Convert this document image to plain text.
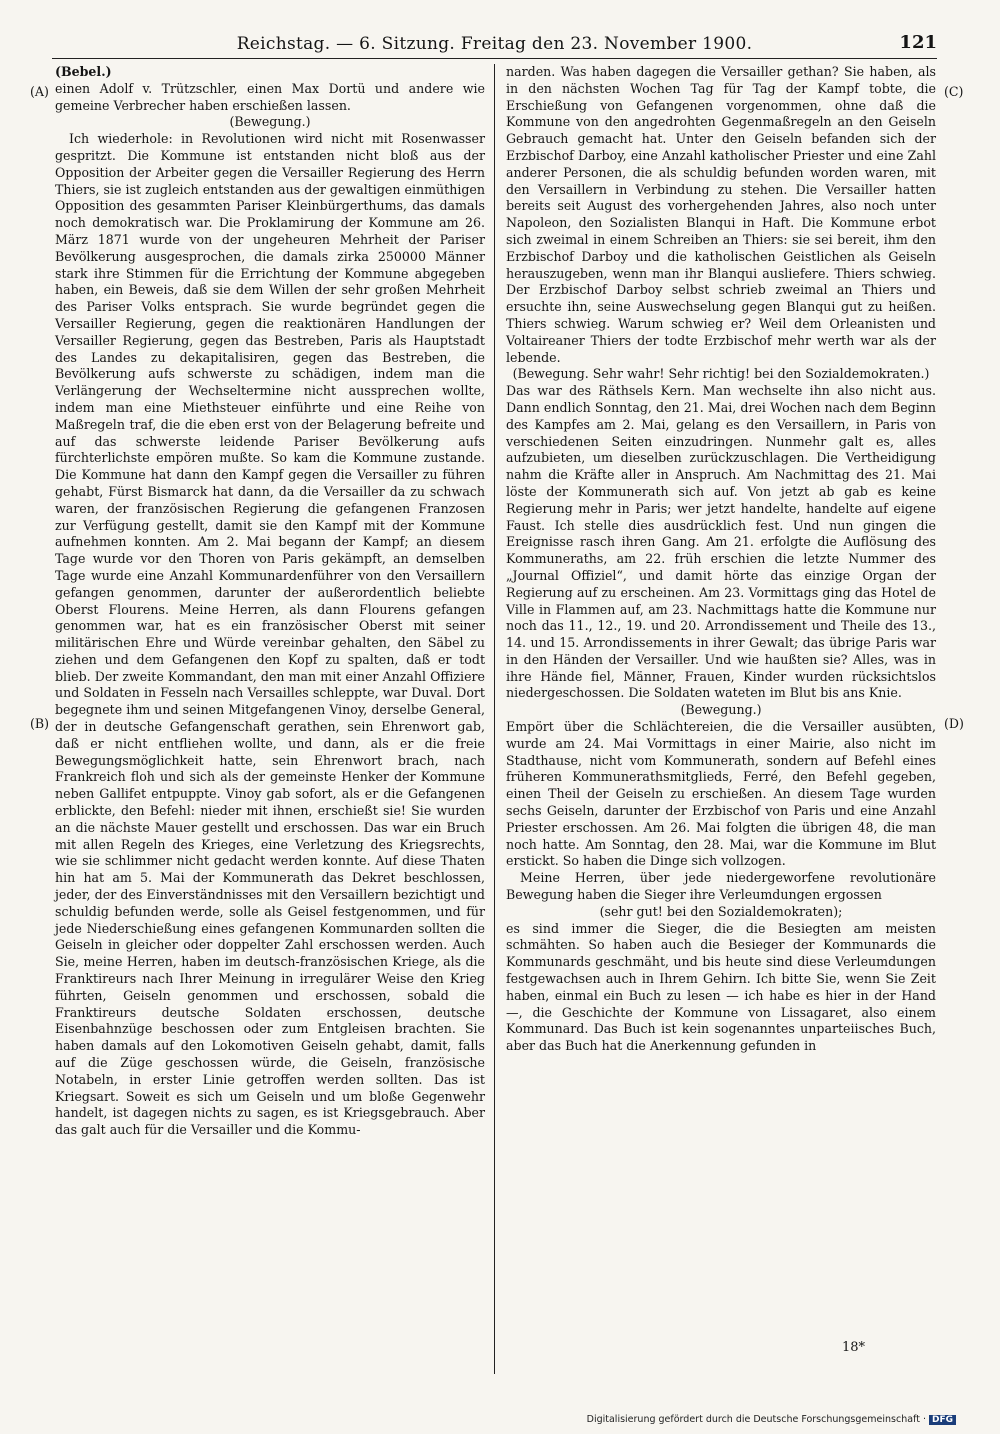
Reichstag. — 6. Sitzung. Freitag den 23. November 1900.	121
(A)
(B)
(C)
(D)

(Bebel.)

einen Adolf v. Trützschler, einen Max Dortü und andere wie gemeine Verbrecher haben erschießen lassen.

(Bewegung.)

Ich wiederhole: in Revolutionen wird nicht mit Rosenwasser gespritzt. Die Kommune ist entstanden nicht bloß aus der Opposition der Arbeiter gegen die Versailler Regierung des Herrn Thiers, sie ist zugleich entstanden aus der gewaltigen einmüthigen Opposition des gesammten Pariser Kleinbürgerthums, das damals noch demokratisch war. Die Proklamirung der Kommune am 26. März 1871 wurde von der ungeheuren Mehrheit der Pariser Bevölkerung ausgesprochen, die damals zirka 250000 Männer stark ihre Stimmen für die Errichtung der Kommune abgegeben haben, ein Beweis, daß sie dem Willen der sehr großen Mehrheit des Pariser Volks entsprach. Sie wurde begründet gegen die Versailler Regierung, gegen die reaktionären Handlungen der Versailler Regierung, gegen das Bestreben, Paris als Hauptstadt des Landes zu dekapitalisiren, gegen das Bestreben, die Bevölkerung aufs schwerste zu schädigen, indem man die Verlängerung der Wechseltermine nicht aussprechen wollte, indem man eine Miethsteuer einführte und eine Reihe von Maßregeln traf, die die eben erst von der Belagerung befreite und auf das schwerste leidende Pariser Bevölkerung aufs fürchterlichste empören mußte. So kam die Kommune zustande. Die Kommune hat dann den Kampf gegen die Versailler zu führen gehabt, Fürst Bismarck hat dann, da die Versailler da zu schwach waren, der französischen Regierung die gefangenen Franzosen zur Verfügung gestellt, damit sie den Kampf mit der Kommune aufnehmen konnten. Am 2. Mai begann der Kampf; an diesem Tage wurde vor den Thoren von Paris gekämpft, an demselben Tage wurde eine Anzahl Kommunardenführer von den Versaillern gefangen genommen, darunter der außerordentlich beliebte Oberst Flourens. Meine Herren, als dann Flourens gefangen genommen war, hat es ein französischer Oberst mit seiner militärischen Ehre und Würde vereinbar gehalten, den Säbel zu ziehen und dem Gefangenen den Kopf zu spalten, daß er todt blieb. Der zweite Kommandant, den man mit einer Anzahl Offiziere und Soldaten in Fesseln nach Versailles schleppte, war Duval. Dort begegnete ihm und seinen Mitgefangenen Vinoy, derselbe General, der in deutsche Gefangenschaft gerathen, sein Ehrenwort gab, daß er nicht entfliehen wollte, und dann, als er die freie Bewegungsmöglichkeit hatte, sein Ehrenwort brach, nach Frankreich floh und sich als der gemeinste Henker der Kommune neben Gallifet entpuppte. Vinoy gab sofort, als er die Gefangenen erblickte, den Befehl: nieder mit ihnen, erschießt sie! Sie wurden an die nächste Mauer gestellt und erschossen. Das war ein Bruch mit allen Regeln des Krieges, eine Verletzung des Kriegsrechts, wie sie schlimmer nicht gedacht werden konnte. Auf diese Thaten hin hat am 5. Mai der Kommunerath das Dekret beschlossen, jeder, der des Einverständnisses mit den Versaillern bezichtigt und schuldig befunden werde, solle als Geisel festgenommen, und für jede Niederschießung eines gefangenen Kommunarden sollten die Geiseln in gleicher oder doppelter Zahl erschossen werden. Auch Sie, meine Herren, haben im deutsch-französischen Kriege, als die Franktireurs nach Ihrer Meinung in irregulärer Weise den Krieg führten, Geiseln genommen und erschossen, sobald die Franktireurs deutsche Soldaten erschossen, deutsche Eisenbahnzüge beschossen oder zum Entgleisen brachten. Sie haben damals auf den Lokomotiven Geiseln gehabt, damit, falls auf die Züge geschossen würde, die Geiseln, französische Notabeln, in erster Linie getroffen werden sollten. Das ist Kriegsart. Soweit es sich um Geiseln und um bloße Gegenwehr handelt, ist dagegen nichts zu sagen, es ist Kriegsgebrauch. Aber das galt auch für die Versailler und die Kommu-

narden. Was haben dagegen die Versailler gethan? Sie haben, als in den nächsten Wochen Tag für Tag der Kampf tobte, die Erschießung von Gefangenen vorgenommen, ohne daß die Kommune von den angedrohten Gegenmaßregeln an den Geiseln Gebrauch gemacht hat. Unter den Geiseln befanden sich der Erzbischof Darboy, eine Anzahl katholischer Priester und eine Zahl anderer Personen, die als schuldig befunden worden waren, mit den Versaillern in Verbindung zu stehen. Die Versailler hatten bereits seit August des vorhergehenden Jahres, also noch unter Napoleon, den Sozialisten Blanqui in Haft. Die Kommune erbot sich zweimal in einem Schreiben an Thiers: sie sei bereit, ihm den Erzbischof Darboy und die katholischen Geistlichen als Geiseln herauszugeben, wenn man ihr Blanqui ausliefere. Thiers schwieg. Der Erzbischof Darboy selbst schrieb zweimal an Thiers und ersuchte ihn, seine Auswechselung gegen Blanqui gut zu heißen. Thiers schwieg. Warum schwieg er? Weil dem Orleanisten und Voltaireaner Thiers der todte Erzbischof mehr werth war als der lebende.

(Bewegung. Sehr wahr! Sehr richtig! bei den Sozialdemokraten.)

Das war des Räthsels Kern. Man wechselte ihn also nicht aus. Dann endlich Sonntag, den 21. Mai, drei Wochen nach dem Beginn des Kampfes am 2. Mai, gelang es den Versaillern, in Paris von verschiedenen Seiten einzudringen. Nunmehr galt es, alles aufzubieten, um dieselben zurückzuschlagen. Die Vertheidigung nahm die Kräfte aller in Anspruch. Am Nachmittag des 21. Mai löste der Kommunerath sich auf. Von jetzt ab gab es keine Regierung mehr in Paris; wer jetzt handelte, handelte auf eigene Faust. Ich stelle dies ausdrücklich fest. Und nun gingen die Ereignisse rasch ihren Gang. Am 21. erfolgte die Auflösung des Kommuneraths, am 22. früh erschien die letzte Nummer des „Journal Offiziel“, und damit hörte das einzige Organ der Regierung auf zu erscheinen. Am 23. Vormittags ging das Hotel de Ville in Flammen auf, am 23. Nachmittags hatte die Kommune nur noch das 11., 12., 19. und 20. Arrondissement und Theile des 13., 14. und 15. Arrondissements in ihrer Gewalt; das übrige Paris war in den Händen der Versailler. Und wie haußten sie? Alles, was in ihre Hände fiel, Männer, Frauen, Kinder wurden rücksichtslos niedergeschossen. Die Soldaten wateten im Blut bis ans Knie.

(Bewegung.)

Empört über die Schlächtereien, die die Versailler ausübten, wurde am 24. Mai Vormittags in einer Mairie, also nicht im Stadthause, nicht vom Kommunerath, sondern auf Befehl eines früheren Kommunerathsmitglieds, Ferré, den Befehl gegeben, einen Theil der Geiseln zu erschießen. An diesem Tage wurden sechs Geiseln, darunter der Erzbischof von Paris und eine Anzahl Priester erschossen. Am 26. Mai folgten die übrigen 48, die man noch hatte. Am Sonntag, den 28. Mai, war die Kommune im Blut erstickt. So haben die Dinge sich vollzogen.

Meine Herren, über jede niedergeworfene revolutionäre Bewegung haben die Sieger ihre Verleumdungen ergossen

(sehr gut! bei den Sozialdemokraten);

es sind immer die Sieger, die die Besiegten am meisten schmähten. So haben auch die Besieger der Kommunards die Kommunards geschmäht, und bis heute sind diese Verleumdungen festgewachsen auch in Ihrem Gehirn. Ich bitte Sie, wenn Sie Zeit haben, einmal ein Buch zu lesen — ich habe es hier in der Hand —, die Geschichte der Kommune von Lissagaret, also einem Kommunard. Das Buch ist kein sogenanntes unparteiisches Buch, aber das Buch hat die Anerkennung gefunden in

18*
Digitalisierung gefördert durch die Deutsche Forschungsgemeinschaft · DFG
